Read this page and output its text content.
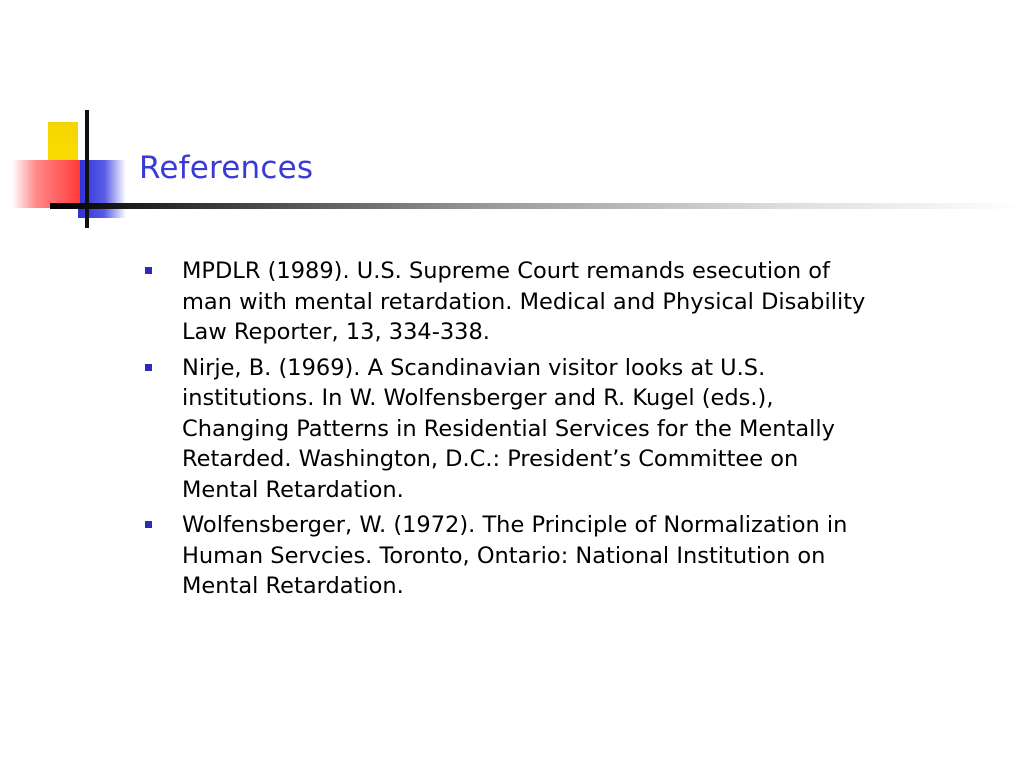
References
MPDLR (1989). U.S. Supreme Court remands esecution of
man with mental retardation. Medical and Physical Disability
Law Reporter, 13, 334-338.
Nirje, B. (1969). A Scandinavian visitor looks at U.S.
institutions. In W. Wolfensberger and R. Kugel (eds.),
Changing Patterns in Residential Services for the Mentally
Retarded. Washington, D.C.: President’s Committee on
Mental Retardation.
Wolfensberger, W. (1972). The Principle of Normalization in
Human Servcies. Toronto, Ontario: National Institution on
Mental Retardation.
